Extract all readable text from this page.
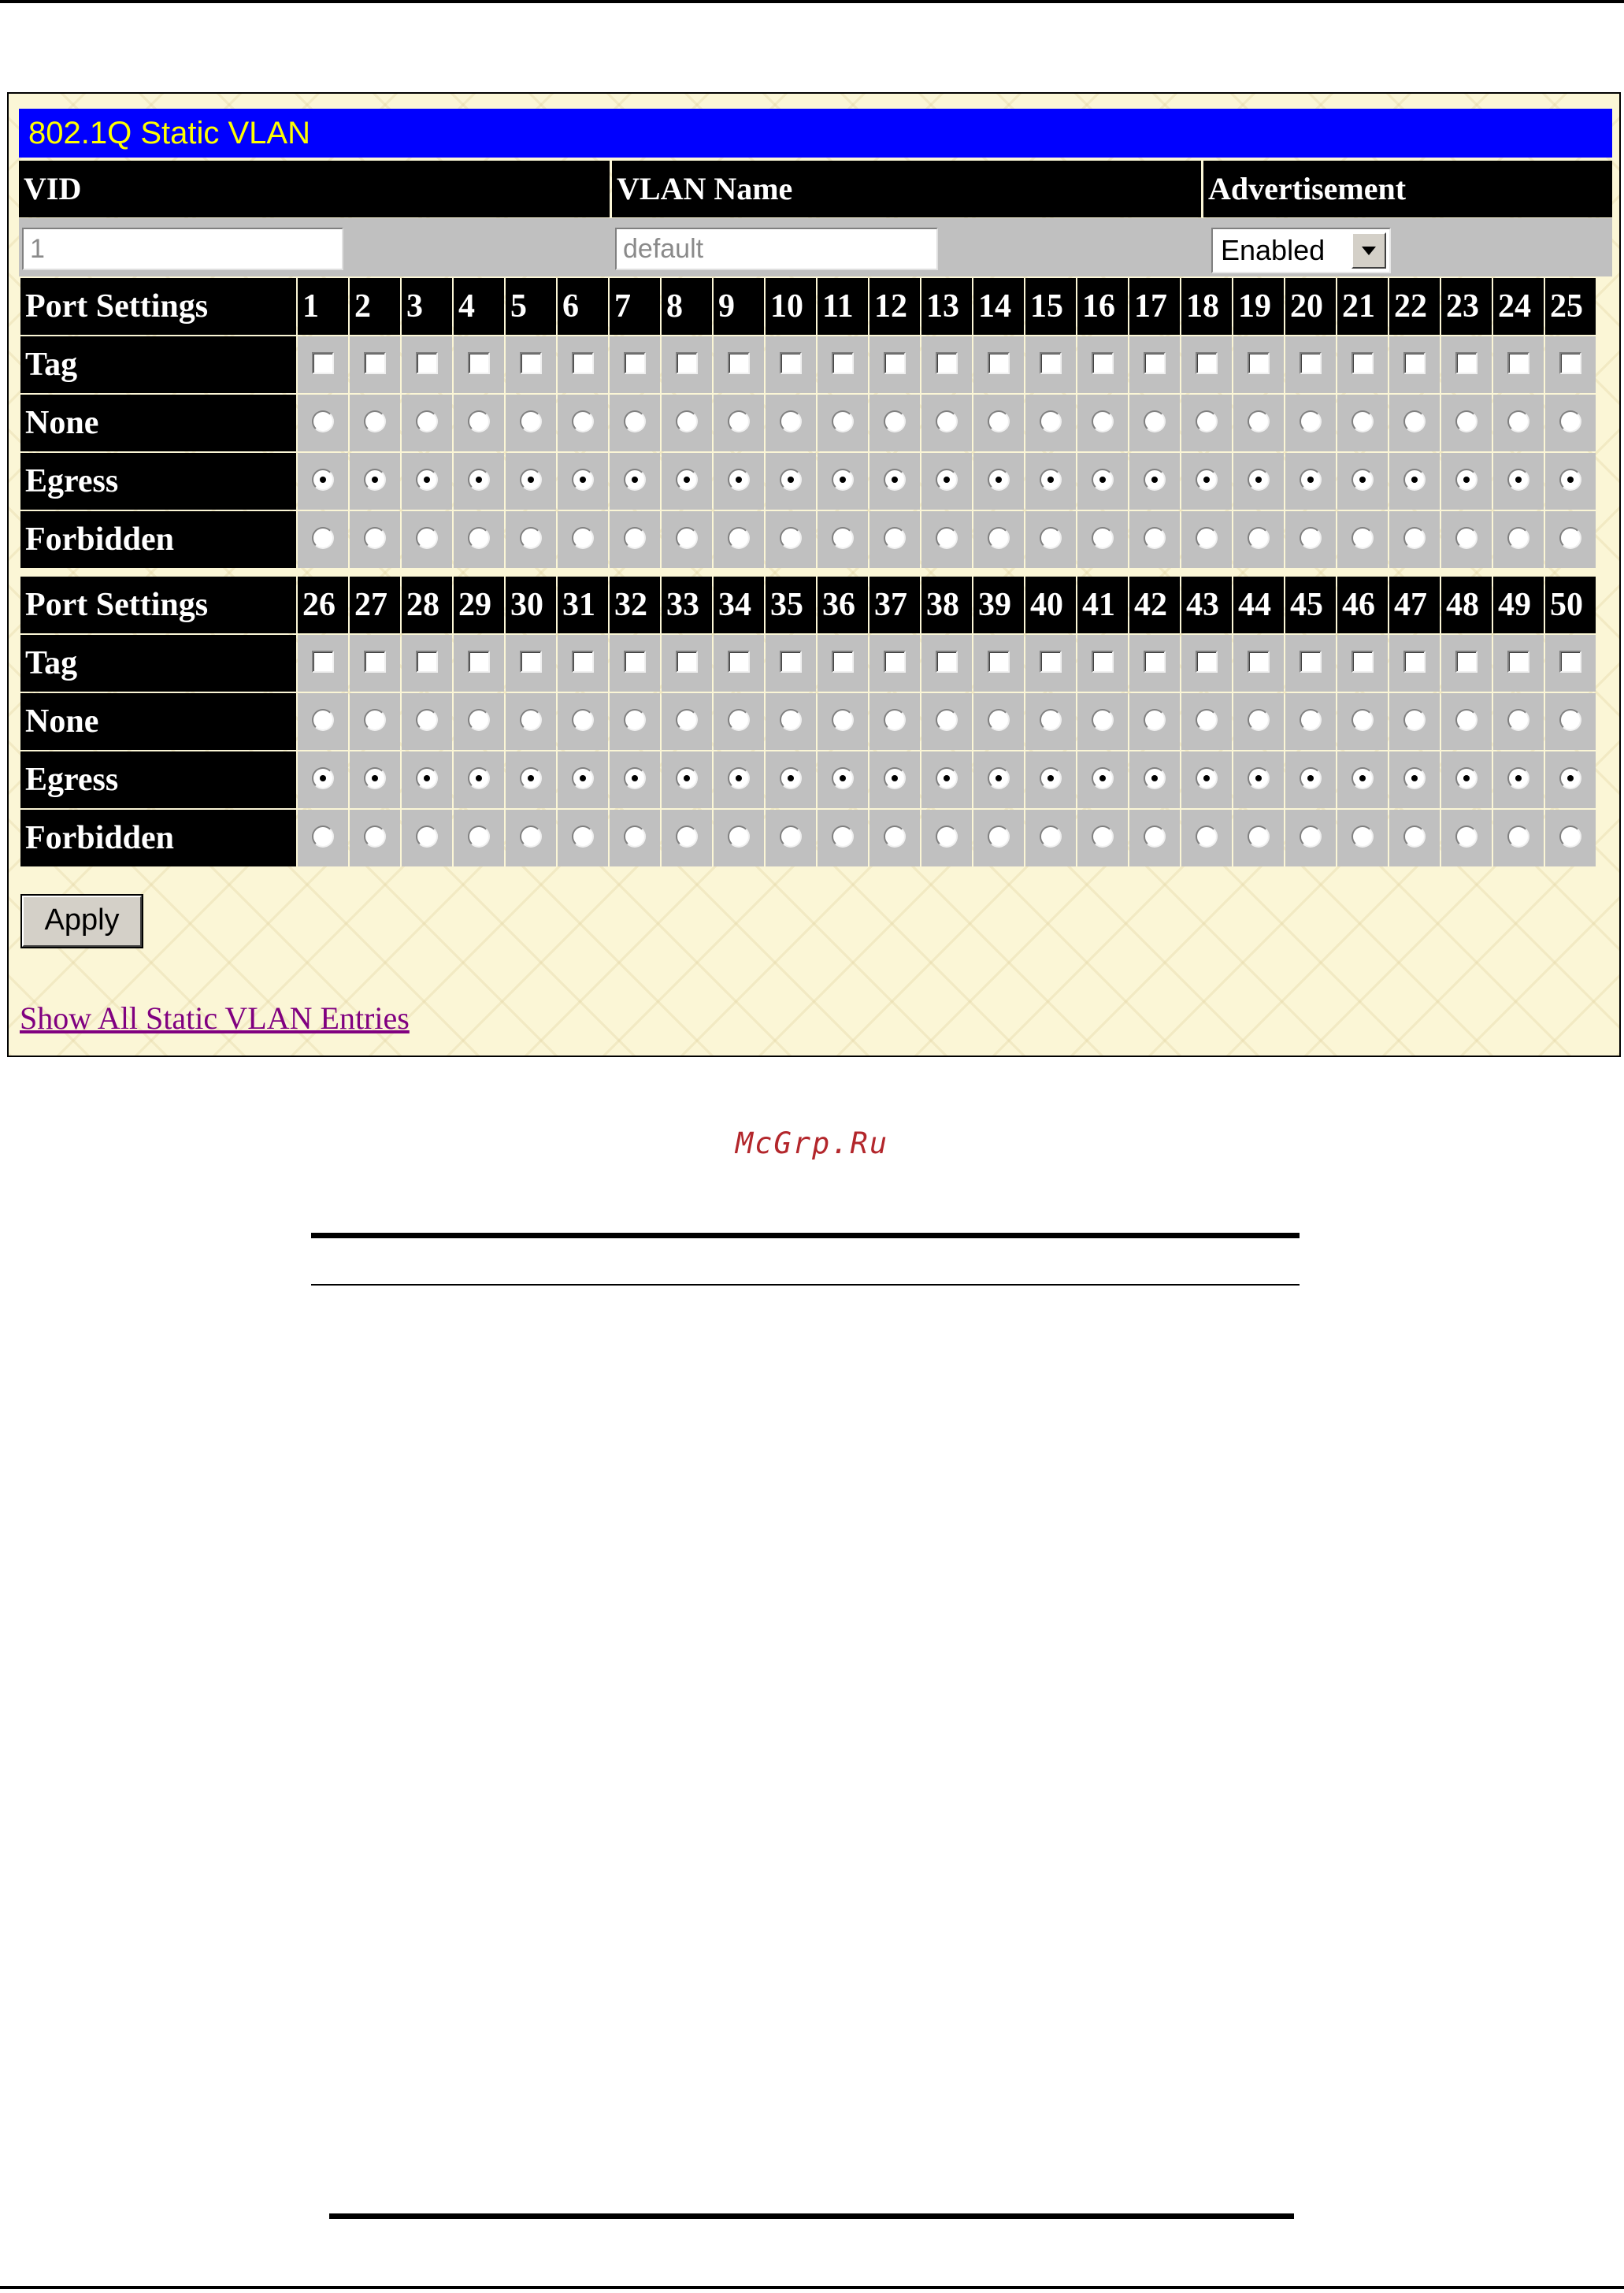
802.1Q Static VLAN
VID	VLAN Name	Advertisement
1	default	Enabled
Port Settings	1	2	3	4	5	6	7	8	9	10	11	12	13	14	15	16	17	18	19	20	21	22	23	24	25
Tag																									
None																									
Egress																									
Forbidden																									
Port Settings	26	27	28	29	30	31	32	33	34	35	36	37	38	39	40	41	42	43	44	45	46	47	48	49	50
Tag																									
None																									
Egress																									
Forbidden																									
Apply
Show All Static VLAN Entries
McGrp.Ru
